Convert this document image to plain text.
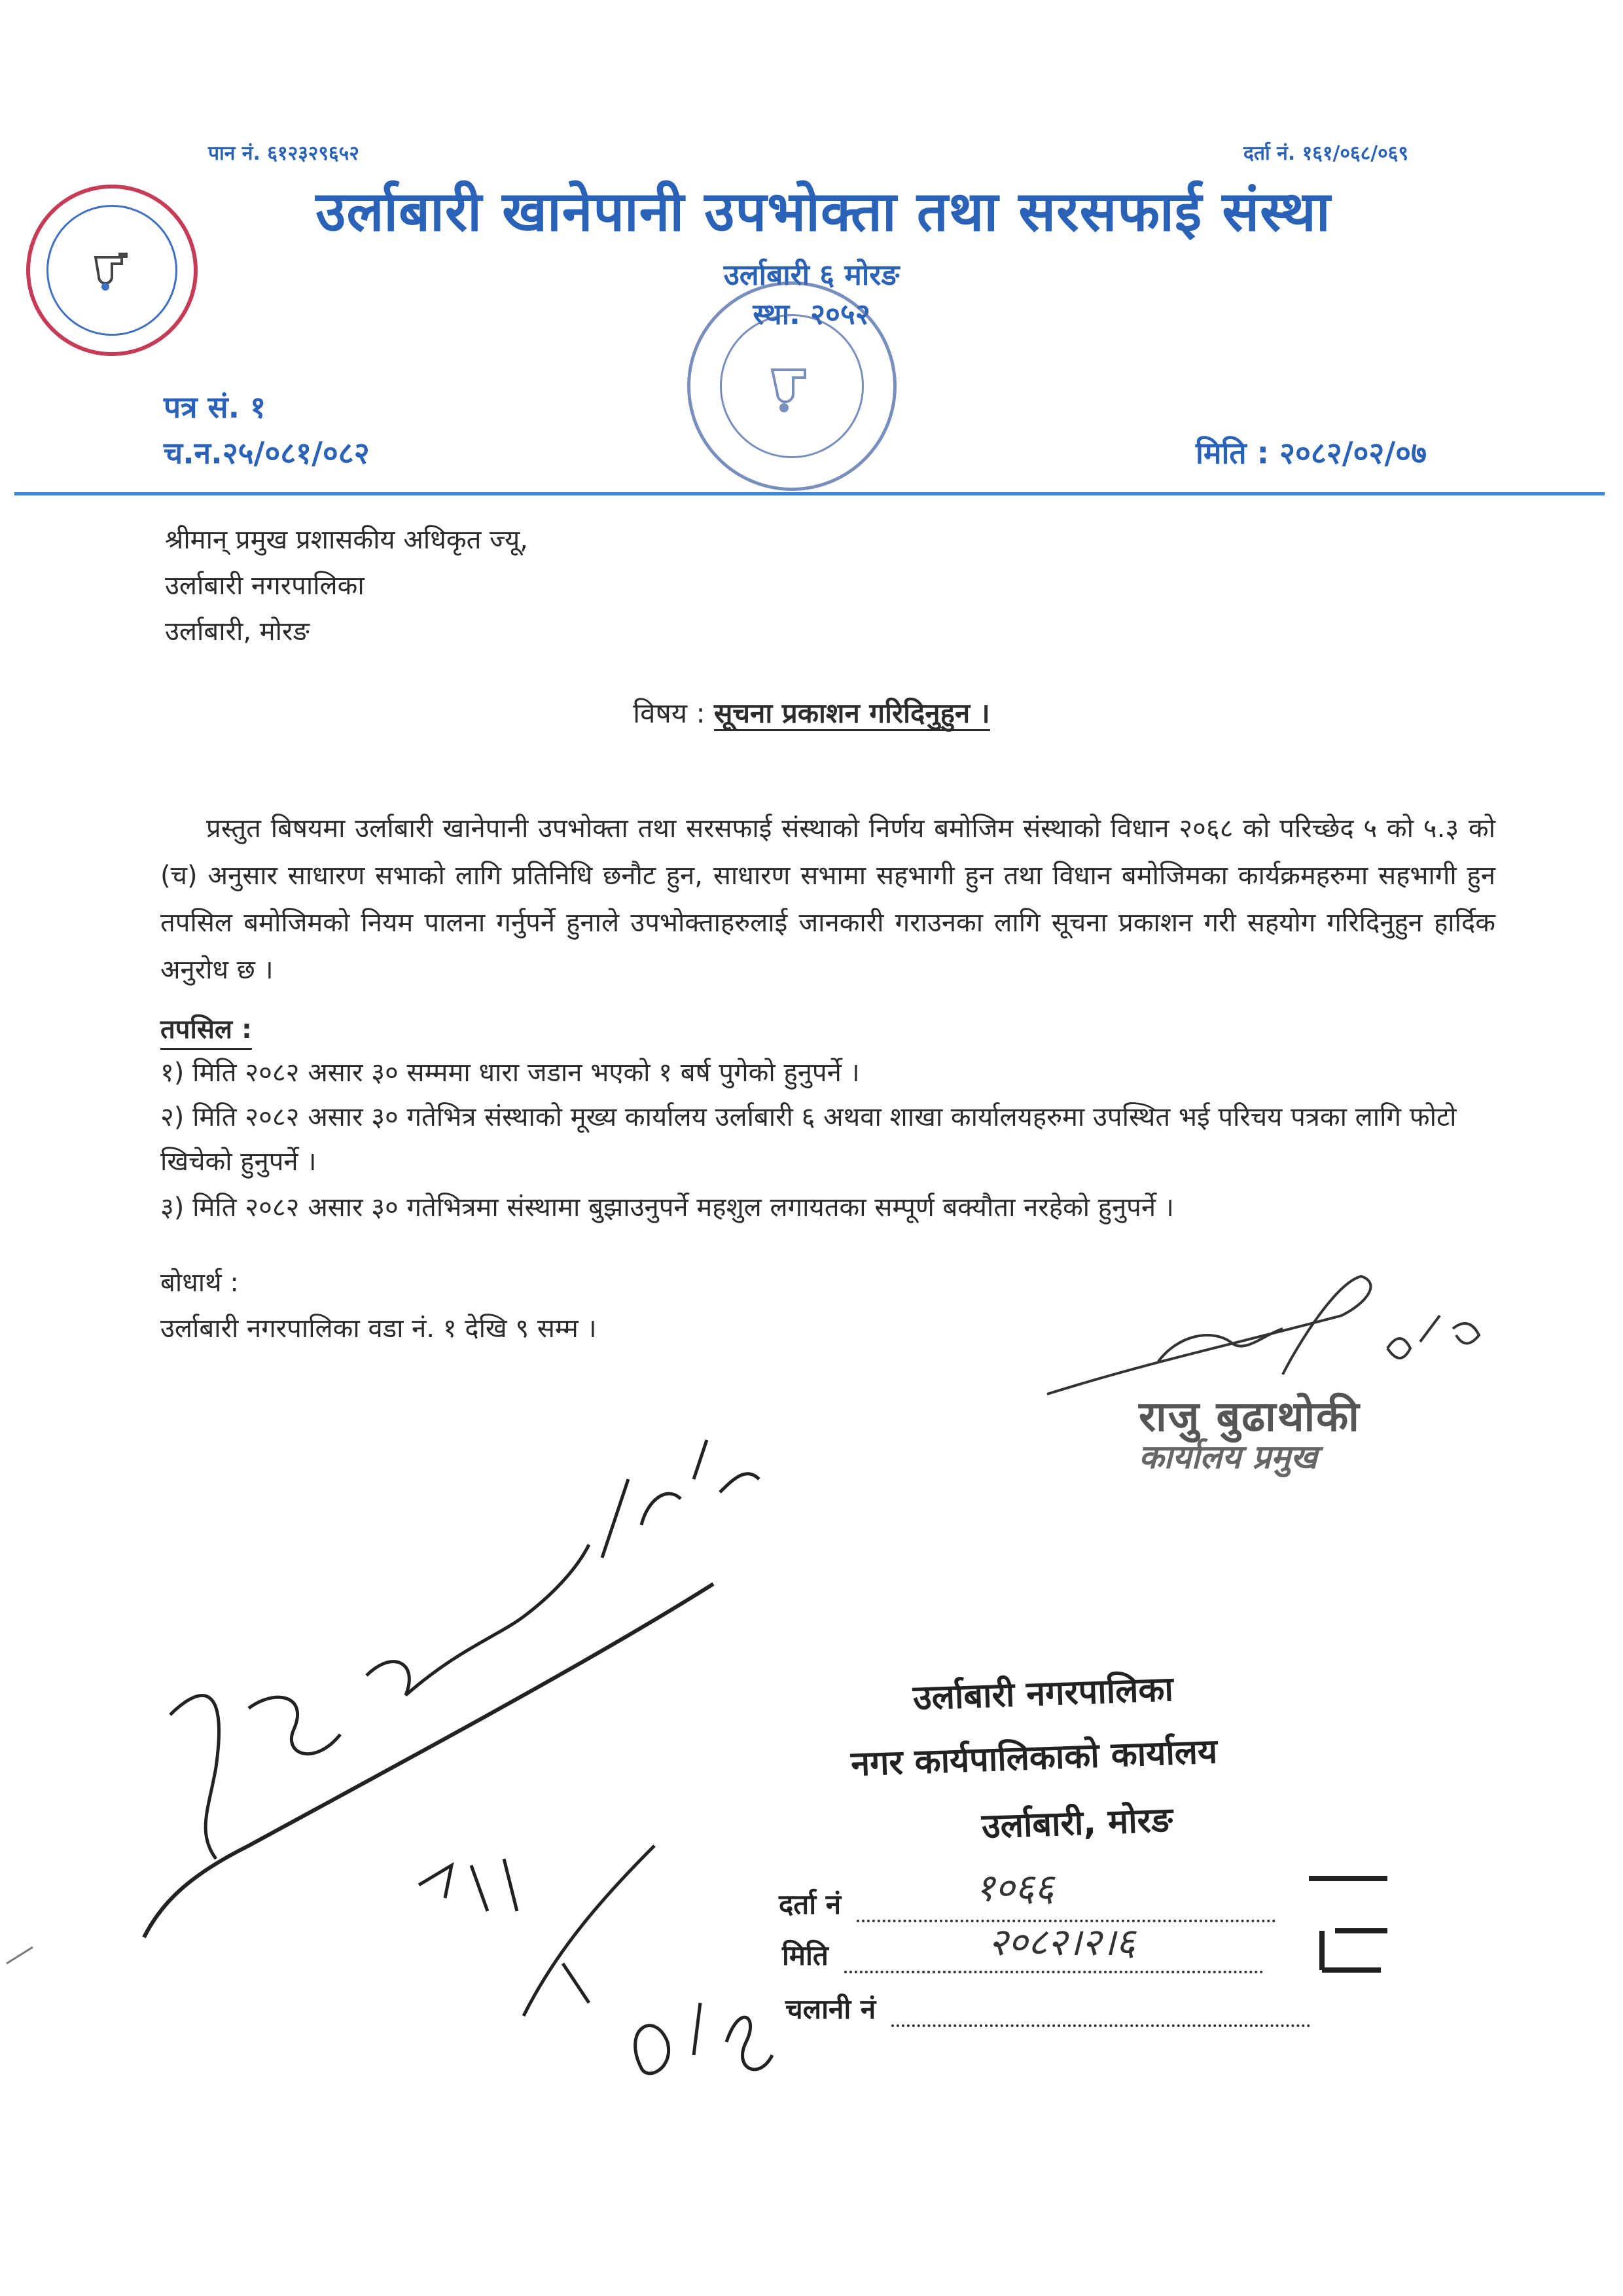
पान नं. ६१२३२९६५२	दर्ता नं. १६१/०६८/०६९
उर्लाबारी खानेपानी उपभोक्ता तथा सरसफाई संस्था
उर्लाबारी ६ मोरङ
स्था. २०५२
पत्र सं. १
च.न.२५/०८१/०८२	मिति : २०८२/०२/०७
श्रीमान् प्रमुख प्रशासकीय अधिकृत ज्यू,
उर्लाबारी नगरपालिका
उर्लाबारी, मोरङ
विषय : सूचना प्रकाशन गरिदिनुहुन ।
प्रस्तुत बिषयमा उर्लाबारी खानेपानी उपभोक्ता तथा सरसफाई संस्थाको निर्णय बमोजिम संस्थाको विधान २०६८ को परिच्छेद ५ को ५.३ को (च) अनुसार साधारण सभाको लागि प्रतिनिधि छनौट हुन, साधारण सभामा सहभागी हुन तथा विधान बमोजिमका कार्यक्रमहरुमा सहभागी हुन तपसिल बमोजिमको नियम पालना गर्नुपर्ने हुनाले उपभोक्ताहरुलाई जानकारी गराउनका लागि सूचना प्रकाशन गरी सहयोग गरिदिनुहुन हार्दिक अनुरोध छ ।
तपसिल :
१) मिति २०८२ असार ३० सम्ममा धारा जडान भएको १ बर्ष पुगेको हुनुपर्ने ।
२) मिति २०८२ असार ३० गतेभित्र संस्थाको मूख्य कार्यालय उर्लाबारी ६ अथवा शाखा कार्यालयहरुमा उपस्थित भई परिचय पत्रका लागि फोटो खिचेको हुनुपर्ने ।
३) मिति २०८२ असार ३० गतेभित्रमा संस्थामा बुझाउनुपर्ने महशुल लगायतका सम्पूर्ण बक्यौता नरहेको हुनुपर्ने ।
बोधार्थ :
उर्लाबारी नगरपालिका वडा नं. १ देखि ९ सम्म ।
राजु बुढाथोकी
कार्यालय प्रमुख
उर्लाबारी नगरपालिका
नगर कार्यपालिकाको कार्यालय
उर्लाबारी, मोरङ
दर्ता नं
मिति
चलानी नं
१०६६
२०८२।२।६
